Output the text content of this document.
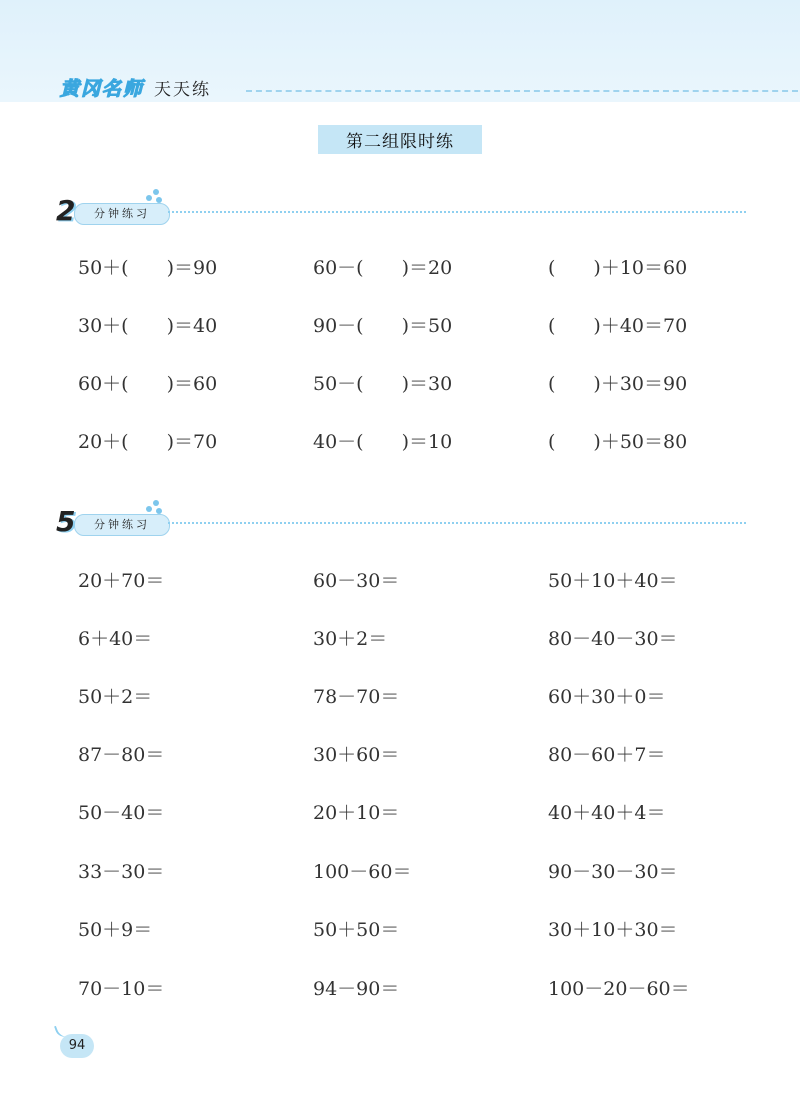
黄冈名师 天天练
第二组限时练
分钟练习
2
50＋(　　)＝90	60－(　　)＝20	(　　)＋10＝60
30＋(　　)＝40	90－(　　)＝50	(　　)＋40＝70
60＋(　　)＝60	50－(　　)＝30	(　　)＋30＝90
20＋(　　)＝70	40－(　　)＝10	(　　)＋50＝80
分钟练习
5
20＋70＝	60－30＝	50＋10＋40＝
6＋40＝	30＋2＝	80－40－30＝
50＋2＝	78－70＝	60＋30＋0＝
87－80＝	30＋60＝	80－60＋7＝
50－40＝	20＋10＝	40＋40＋4＝
33－30＝	100－60＝	90－30－30＝
50＋9＝	50＋50＝	30＋10＋30＝
70－10＝	94－90＝	100－20－60＝
94
